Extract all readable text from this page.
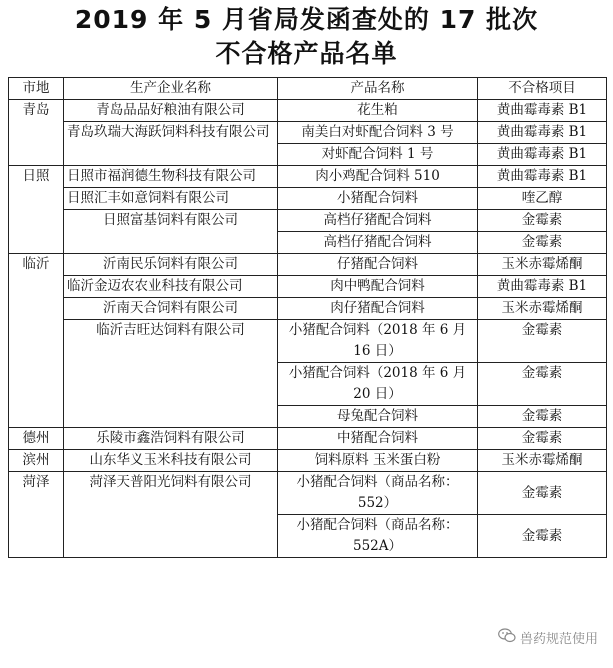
2019 年 5 月省局发函查处的 17 批次
不合格产品名单
市地	生产企业名称	产品名称	不合格项目
青岛	青岛品品好粮油有限公司	花生粕	黄曲霉毒素 B1
	青岛玖瑞大海跃饲料科技有限公司	南美白对虾配合饲料 3 号	黄曲霉毒素 B1
		对虾配合饲料 1 号	黄曲霉毒素 B1
日照	日照市福润德生物科技有限公司	肉小鸡配合饲料 510	黄曲霉毒素 B1
	日照汇丰如意饲料有限公司	小猪配合饲料	喹乙醇
	日照富基饲料有限公司	高档仔猪配合饲料	金霉素
		高档仔猪配合饲料	金霉素
临沂	沂南民乐饲料有限公司	仔猪配合饲料	玉米赤霉烯酮
	临沂金迈农农业科技有限公司	肉中鸭配合饲料	黄曲霉毒素 B1
	沂南天合饲料有限公司	肉仔猪配合饲料	玉米赤霉烯酮
	临沂吉旺达饲料有限公司	小猪配合饲料（2018 年 6 月 16 日）	金霉素
		小猪配合饲料（2018 年 6 月 20 日）	金霉素
		母兔配合饲料	金霉素
德州	乐陵市鑫浩饲料有限公司	中猪配合饲料	金霉素
滨州	山东华义玉米科技有限公司	饲料原料 玉米蛋白粉	玉米赤霉烯酮
菏泽	菏泽天普阳光饲料有限公司	小猪配合饲料（商品名称：552）	金霉素
		小猪配合饲料（商品名称：552A）	金霉素
兽药规范使用
